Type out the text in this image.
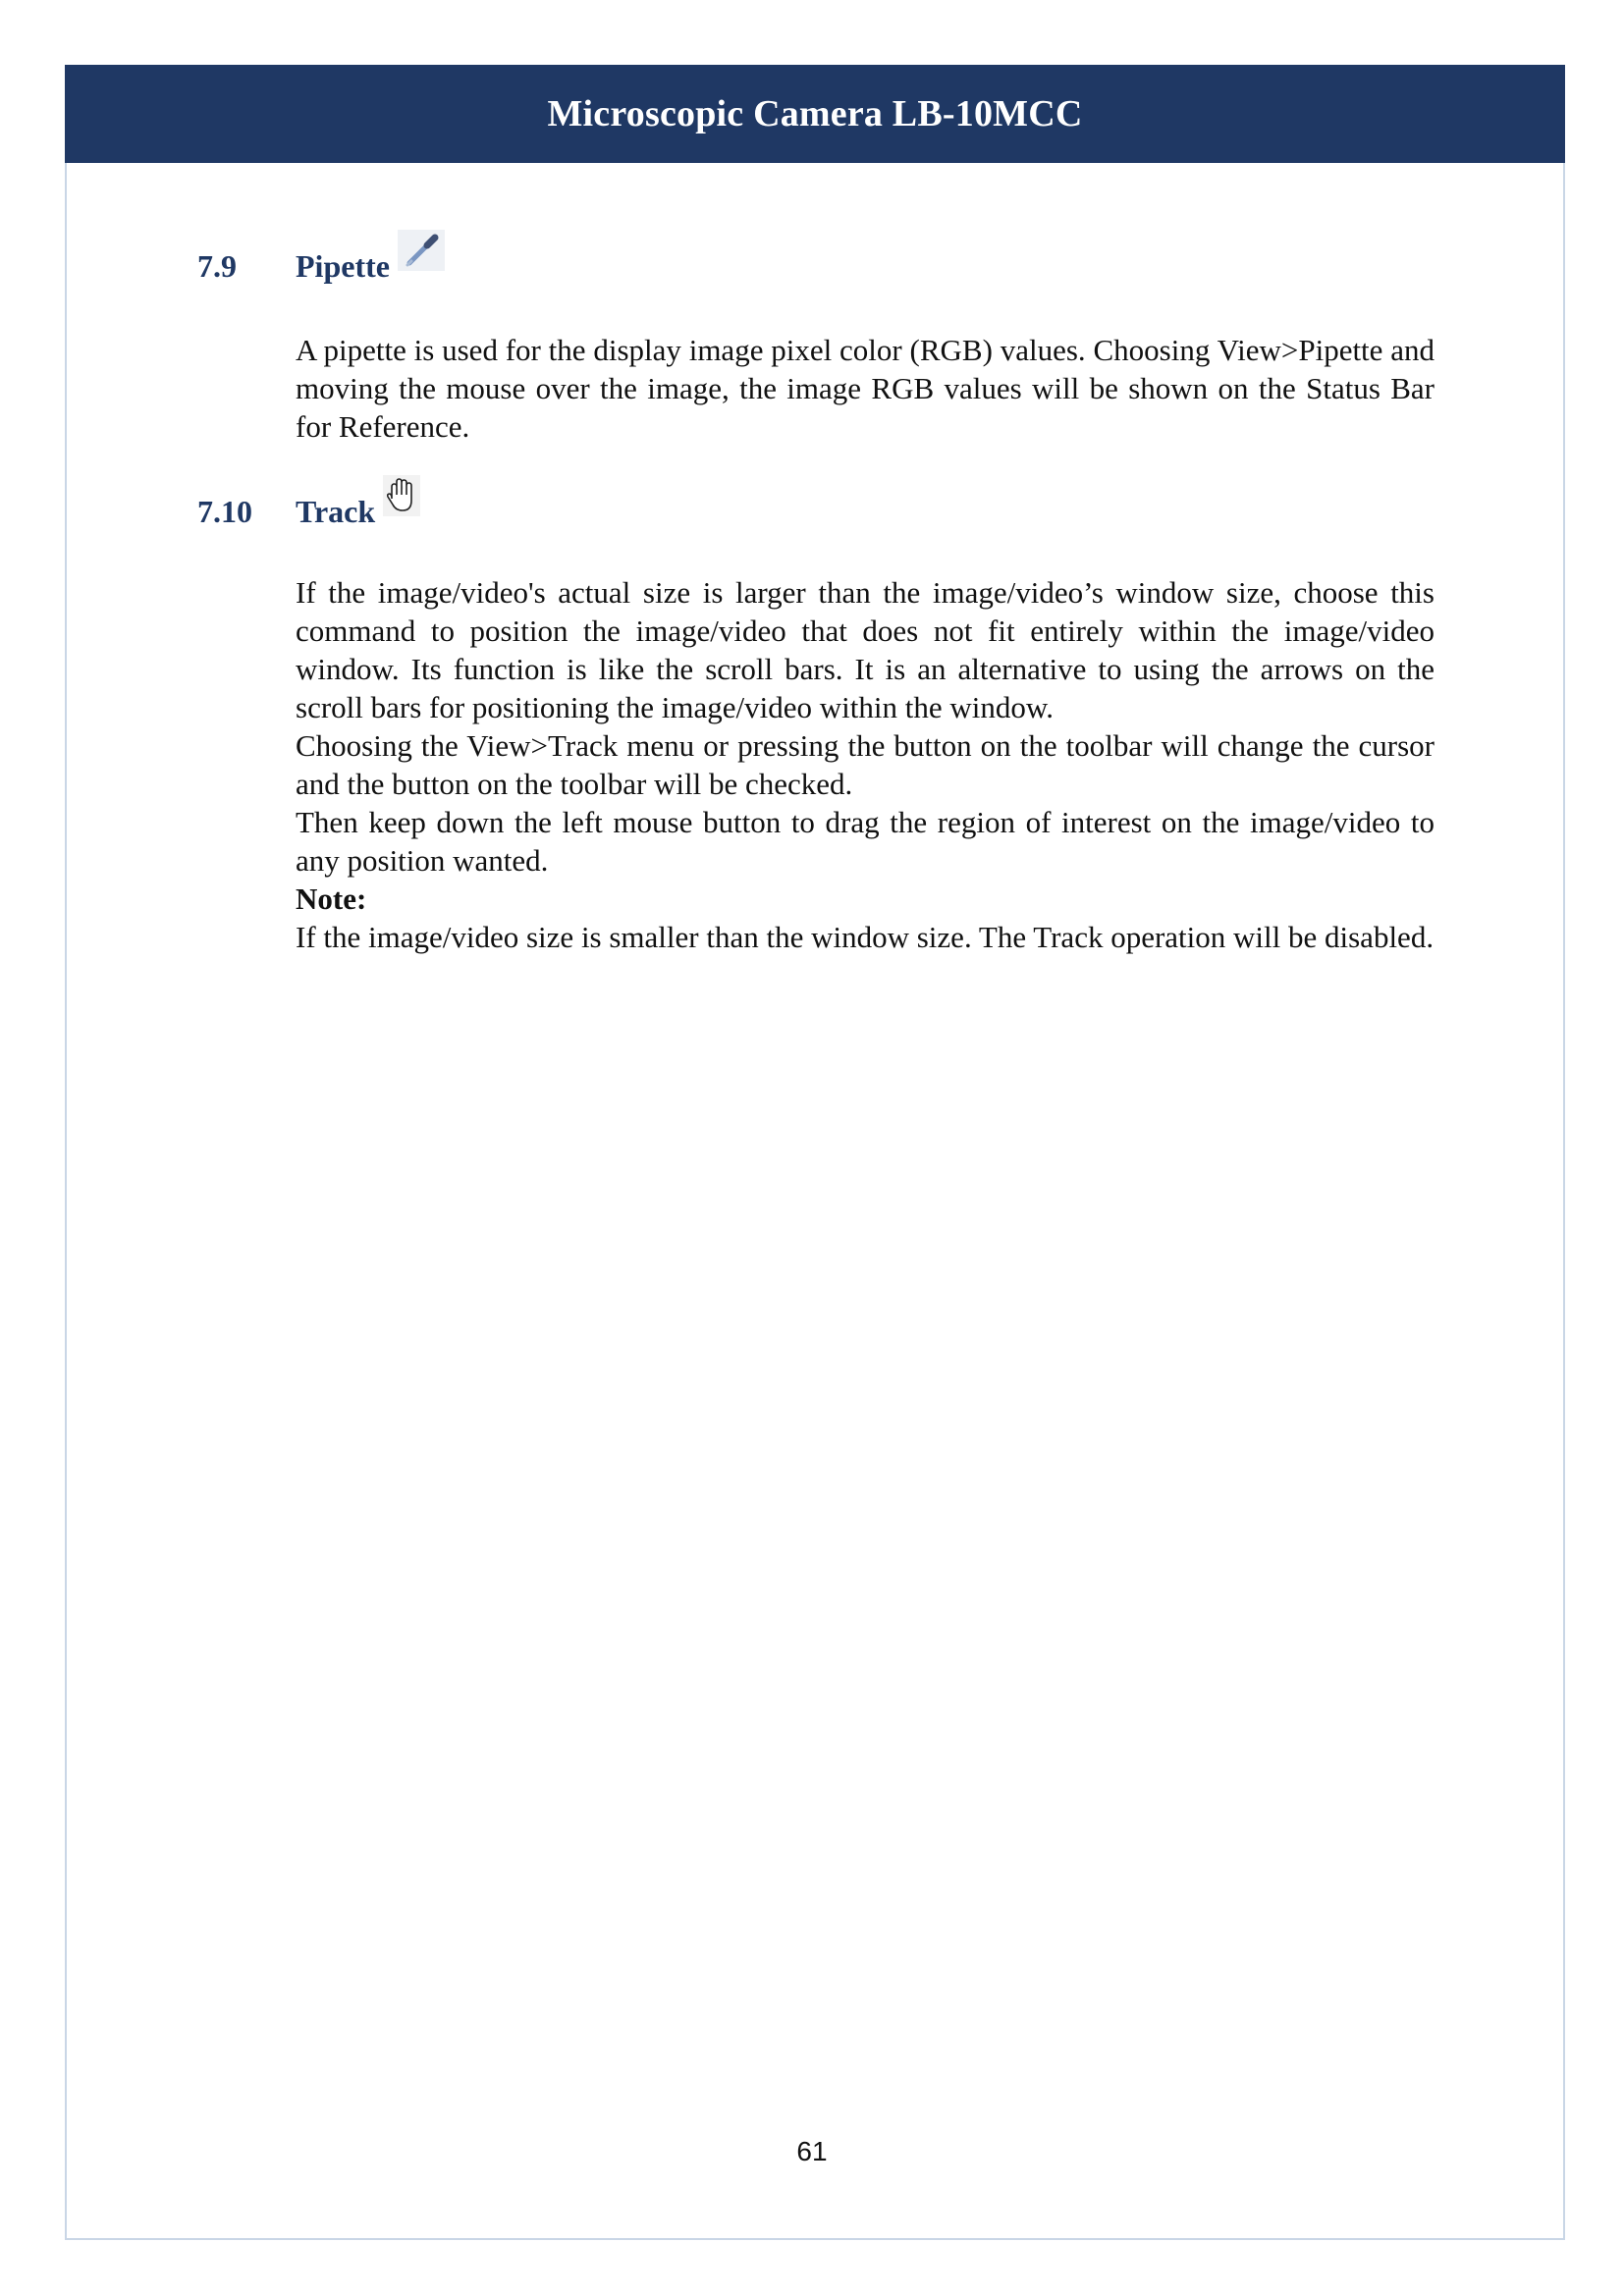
Microscopic Camera LB-10MCC
7.9	Pipette

A pipette is used for the display image pixel color (RGB) values. Choosing View>Pipette and moving the mouse over the image, the image RGB values will be shown on the Status Bar for Reference.

7.10	Track

If the image/video's actual size is larger than the image/video’s window size, choose this command to position the image/video that does not fit entirely within the image/video window. Its function is like the scroll bars. It is an alternative to using the arrows on the scroll bars for positioning the image/video within the window.

Choosing the View>Track menu or pressing the button on the toolbar will change the cursor and the button on the toolbar will be checked.

Then keep down the left mouse button to drag the region of interest on the image/video to any position wanted.

Note:

If the image/video size is smaller than the window size. The Track operation will be disabled.

61
